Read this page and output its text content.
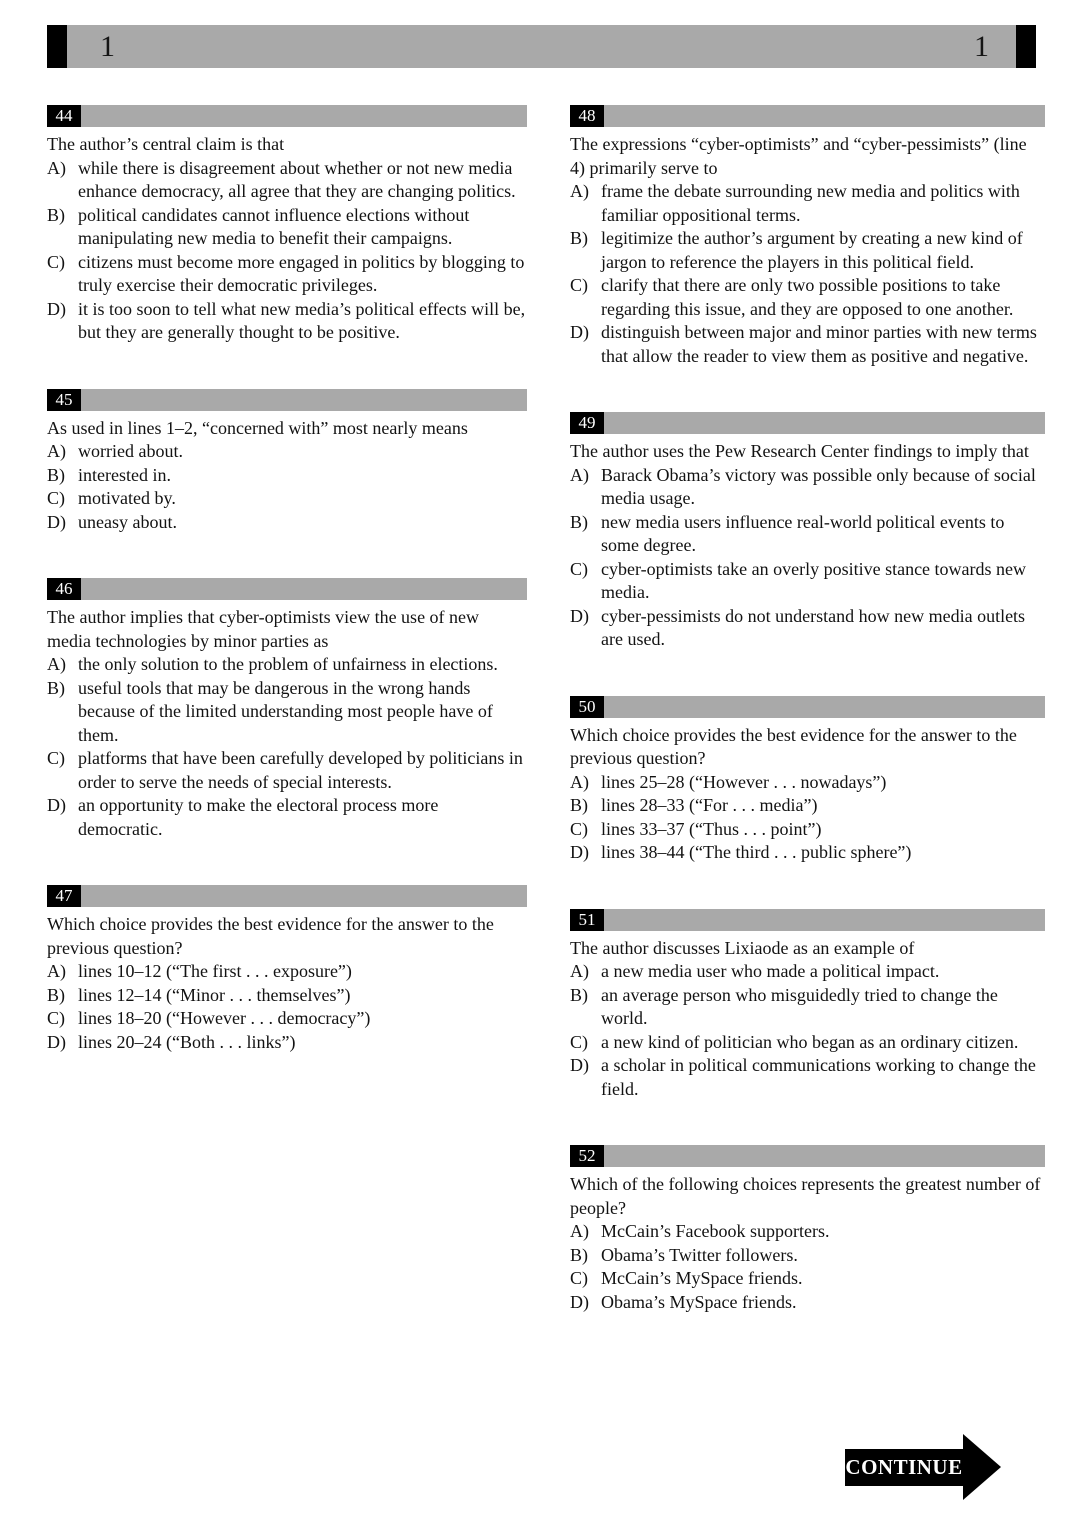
1	1
44

The author’s central claim is that

A) while there is disagreement about whether or not new media enhance democracy, all agree that they are changing politics.
B) political candidates cannot influence elections without manipulating new media to benefit their campaigns.
C) citizens must become more engaged in politics by blogging to truly exercise their democratic privileges.
D) it is too soon to tell what new media’s political effects will be, but they are generally thought to be positive.
45

As used in lines 1–2, “concerned with” most nearly means

A) worried about.
B) interested in.
C) motivated by.
D) uneasy about.
46

The author implies that cyber-optimists view the use of new media technologies by minor parties as

A) the only solution to the problem of unfairness in elections.
B) useful tools that may be dangerous in the wrong hands because of the limited understanding most people have of them.
C) platforms that have been carefully developed by politicians in order to serve the needs of special interests.
D) an opportunity to make the electoral process more democratic.
47

Which choice provides the best evidence for the answer to the previous question?

A) lines 10–12 (“The first . . . exposure”)
B) lines 12–14 (“Minor . . . themselves”)
C) lines 18–20 (“However . . . democracy”)
D) lines 20–24 (“Both . . . links”)
48

The expressions “cyber-optimists” and “cyber-pessimists” (line 4) primarily serve to

A) frame the debate surrounding new media and politics with familiar oppositional terms.
B) legitimize the author’s argument by creating a new kind of jargon to reference the players in this political field.
C) clarify that there are only two possible positions to take regarding this issue, and they are opposed to one another.
D) distinguish between major and minor parties with new terms that allow the reader to view them as positive and negative.
49

The author uses the Pew Research Center findings to imply that

A) Barack Obama’s victory was possible only because of social media usage.
B) new media users influence real-world political events to some degree.
C) cyber-optimists take an overly positive stance towards new media.
D) cyber-pessimists do not understand how new media outlets are used.
50

Which choice provides the best evidence for the answer to the previous question?

A) lines 25–28 (“However . . . nowadays”)
B) lines 28–33 (“For . . . media”)
C) lines 33–37 (“Thus . . . point”)
D) lines 38–44 (“The third . . . public sphere”)
51

The author discusses Lixiaode as an example of

A) a new media user who made a political impact.
B) an average person who misguidedly tried to change the world.
C) a new kind of politician who began as an ordinary citizen.
D) a scholar in political communications working to change the field.
52

Which of the following choices represents the greatest number of people?

A) McCain’s Facebook supporters.
B) Obama’s Twitter followers.
C) McCain’s MySpace friends.
D) Obama’s MySpace friends.
CONTINUE
